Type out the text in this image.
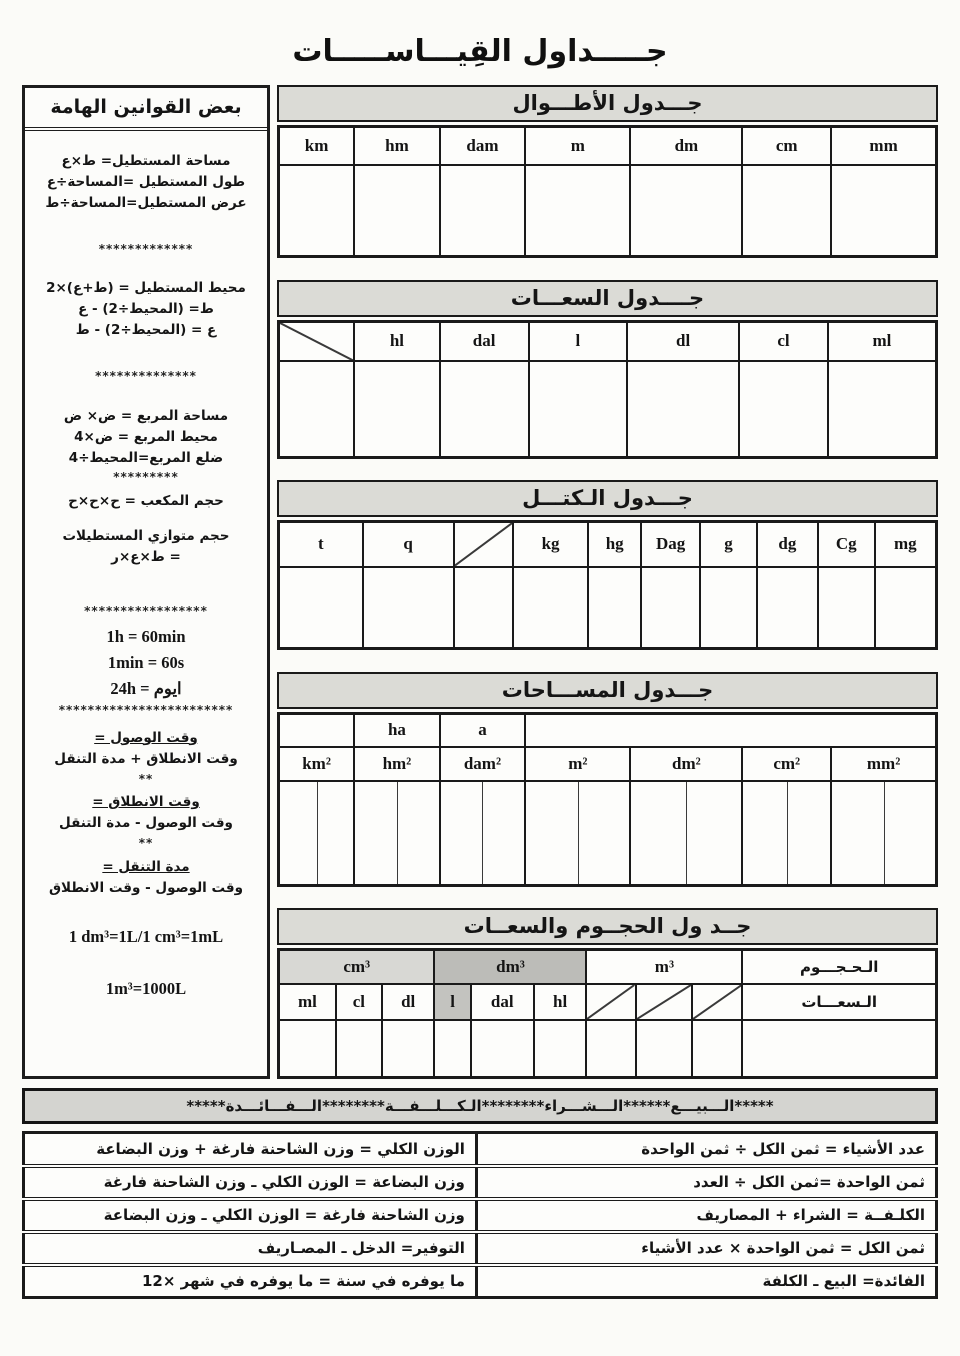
جـــــداول القِيـــاســـــات
جـــدول الأطـــوال
km	hm	dam	m	dm	cm	mm

جــــدول السعـــات
	hl	dal	l	dl	cl	ml

جـــدول الـكتـــل
t	q		kg	hg	Dag	g	dg	Cg	mg

جـــدول المســـاحات
	ha	a				
km²	hm²	dam²	m²	dm²	cm²	mm²

جــد ول الحجــوم والسعــات
الـحـجـــوم	m³			dm³			cm³		
الـسعـــات				hl	dal	l	dl	cl	ml

بعض القوانين الهامة
مساحة المستطيل= ط×ع
طول المستطيل =المساحة÷ع
عرض المستطيل=المساحة÷ط
*************
محيط المستطيل = (ط+ع)×2
ط= (المحيط÷2) - ع
ع = (المحيط÷2) - ط
**************
مساحة المربع = ض× ض
محيط المربع = ض×4
ضلع المربع=المحيط÷4
*********
حجم المكعب = ح×ح×ح
حجم متوازي المستطيلات
= ط×ع×ر
*****************
1h = 60min
1min = 60s
24h = ايوم
************************
وقت الوصول =
وقت الانطلاق + مدة التنقل
**
وقت الانطلاق =
وقت الوصول - مدة التنقل
**
مدة التنقل =
وقت الوصول - وقت الانطلاق
1 dm³=1L/1 cm³=1mL
1m³=1000L
*****الـــبيـــع******الـــشـــراء********الـكـــلـــفـــة********الـــفـــائـــدة*****
عدد الأشياء = ثمن الكل ÷ ثمن الواحدة	الوزن الكلي = وزن الشاحنة فارغة + وزن البضاعة
ثمن الواحدة =ثمن الكل ÷ العدد	وزن البضاعة = الوزن الكلي ـ وزن الشاحنة فارغة
الكلـفــة = الشراء + المصاريف	وزن الشاحنة فارغة = الوزن الكلي ـ وزن البضاعة
ثمن الكل = ثمن الواحدة × عدد الأشياء	التوفير= الدخل ـ المصـاريف
الفائدة= البيع ـ الكلفة	ما يوفره في سنة = ما يوفره في شهر ×12
